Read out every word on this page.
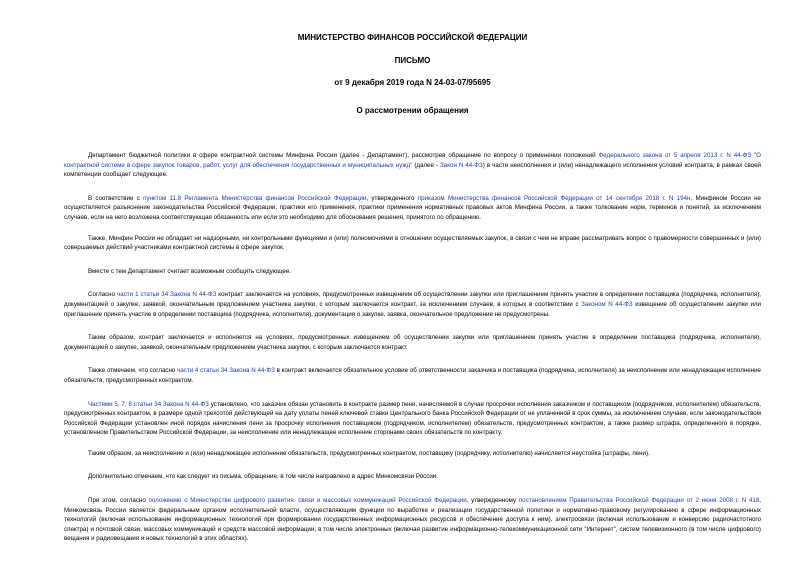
МИНИСТЕРСТВО ФИНАНСОВ РОССИЙСКОЙ ФЕДЕРАЦИИ
ПИСЬМО
от 9 декабря 2019 года N 24-03-07/95695
О рассмотрении обращения

Департамент бюджетной политики в сфере контрактной системы Минфина России (далее - Департамент), рассмотрев обращение по вопросу о применении положений Федерального закона от 5 апреля 2013 г. N 44-ФЗ "О контрактной системе в сфере закупок товаров, работ, услуг для обеспечения государственных и муниципальных нужд" (далее - Закон N 44-ФЗ) в части неисполнения и (или) ненадлежащего исполнения условий контракта, в рамках своей компетенции сообщает следующее.

В соответствии с пунктом 11.8 Регламента Министерства финансов Российской Федерации, утвержденного приказом Министерства финансов Российской Федерации от 14 сентября 2018 г. N 194н, Минфином России не осуществляется разъяснение законодательства Российской Федерации, практики его применения, практики применения нормативных правовых актов Минфина России, а также толкование норм, терминов и понятий, за исключением случаев, если на него возложена соответствующая обязанность или если это необходимо для обоснования решения, принятого по обращению.

Также, Минфин России не обладает ни надзорными, ни контрольными функциями и (или) полномочиями в отношении осуществляемых закупок, в связи с чем не вправе рассматривать вопрос о правомерности совершенных и (или) совершаемых действий участниками контрактной системы в сфере закупок.

Вместе с тем Департамент считает возможным сообщить следующее.

Согласно части 1 статьи 34 Закона N 44-ФЗ контракт заключается на условиях, предусмотренных извещением об осуществлении закупки или приглашением принять участие в определении поставщика (подрядчика, исполнителя), документацией о закупке, заявкой, окончательным предложением участника закупки, с которым заключается контракт, за исключением случаев, в которых в соответствии с Законом N 44-ФЗ извещение об осуществлении закупки или приглашение принять участие в определении поставщика (подрядчика, исполнителя), документация о закупке, заявка, окончательное предложение не предусмотрены.

Таким образом, контракт заключается и исполняется на условиях, предусмотренных извещением об осуществлении закупки или приглашением принять участие в определении поставщика (подрядчика, исполнителя), документацией о закупке, заявкой, окончательным предложением участника закупки, с которым заключается контракт.

Также отмечаем, что согласно части 4 статьи 34 Закона N 44-ФЗ в контракт включается обязательное условие об ответственности заказчика и поставщика (подрядчика, исполнителя) за неисполнение или ненадлежащее исполнение обязательств, предусмотренных контрактом.

Частями 5, 7, 8 статьи 34 Закона N 44-ФЗ установлено, что заказчик обязан установить в контракте размер пени, начисляемой в случае просрочки исполнения заказчиком и поставщиком (подрядчиком, исполнителем) обязательств, предусмотренных контрактом, в размере одной трехсотой действующей на дату уплаты пеней ключевой ставки Центрального банка Российской Федерации от не уплаченной в срок суммы, за исключением случаев, если законодательством Российской Федерации установлен иной порядок начисления пени за просрочку исполнения поставщиком (подрядчиком, исполнителем) обязательств, предусмотренных контрактом, а также размер штрафа, определенного в порядке, установленном Правительством Российской Федерации, за неисполнение или ненадлежащее исполнение сторонами своих обязательств по контракту.

Таким образом, за неисполнение и (или) ненадлежащее исполнение обязательств, предусмотренных контрактом, поставщику (подрядчику, исполнителю) начисляется неустойка (штрафы, пени).

Дополнительно отмечаем, что как следует из письма, обращение, в том числе направлено в адрес Минкомсвязи России.

При этом, согласно положению о Министерстве цифрового развития, связи и массовых коммуникаций Российской Федерации, утвержденному постановлением Правительства Российской Федерации от 2 июня 2008 г. N 418, Минкомсвязь России является федеральным органом исполнительной власти, осуществляющим функции по выработке и реализации государственной политики и нормативно-правовому регулированию в сфере информационных технологий (включая использование информационных технологий при формировании государственных информационных ресурсов и обеспечение доступа к ним), электросвязи (включая использование и конверсию радиочастотного спектра) и почтовой связи, массовых коммуникаций и средств массовой информации, в том числе электронных (включая развитие информационно-телекоммуникационной сети "Интернет", систем телевизионного (в том числе цифрового) вещания и радиовещания и новых технологий в этих областях).
